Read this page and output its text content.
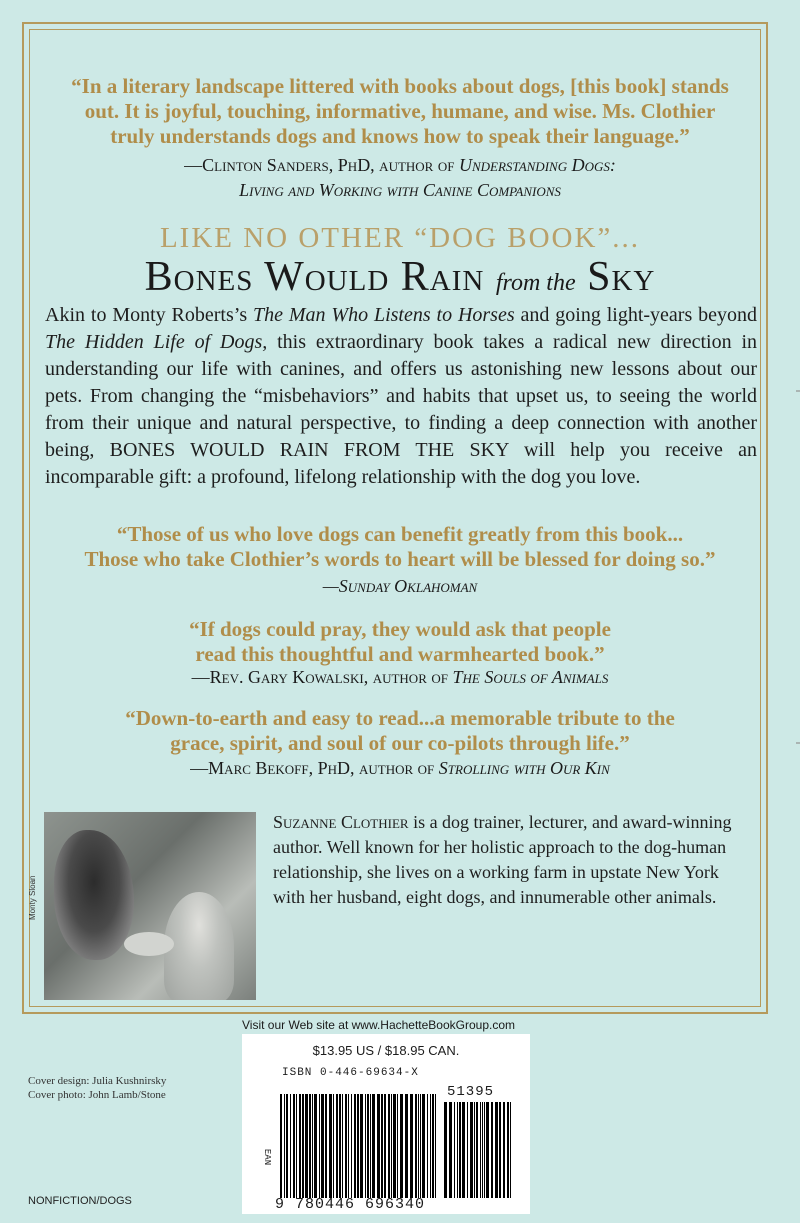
“In a literary landscape littered with books about dogs, [this book] stands
out. It is joyful, touching, informative, humane, and wise. Ms. Clothier
truly understands dogs and knows how to speak their language.”
—Clinton Sanders, PhD, author of Understanding Dogs:
Living and Working with Canine Companions
LIKE NO OTHER “DOG BOOK”...
Bones Would Rain from the Sky
Akin to Monty Roberts’s The Man Who Listens to Horses and going light-years beyond The Hidden Life of Dogs, this extraordinary book takes a radical new direction in understanding our life with canines, and offers us astonishing new lessons about our pets. From changing the “misbehaviors” and habits that upset us, to seeing the world from their unique and natural perspective, to finding a deep connection with another being, BONES WOULD RAIN FROM THE SKY will help you receive an incomparable gift: a profound, lifelong relationship with the dog you love.
“Those of us who love dogs can benefit greatly from this book...
Those who take Clothier’s words to heart will be blessed for doing so.”
—Sunday Oklahoman
“If dogs could pray, they would ask that people
read this thoughtful and warmhearted book.”
—Rev. Gary Kowalski, author of The Souls of Animals
“Down-to-earth and easy to read...a memorable tribute to the
grace, spirit, and soul of our co-pilots through life.”
—Marc Bekoff, PhD, author of Strolling with Our Kin
Monty Sloan
Suzanne Clothier is a dog trainer, lecturer, and award-winning author. Well known for her holistic approach to the dog-human relationship, she lives on a working farm in upstate New York with her husband, eight dogs, and innumerable other animals.
Visit our Web site at www.HachetteBookGroup.com
$13.95 US / $18.95 CAN.
ISBN 0-446-69634-X
EAN
51395
9 780446 696340
Cover design: Julia Kushnirsky
Cover photo: John Lamb/Stone
NONFICTION/DOGS
